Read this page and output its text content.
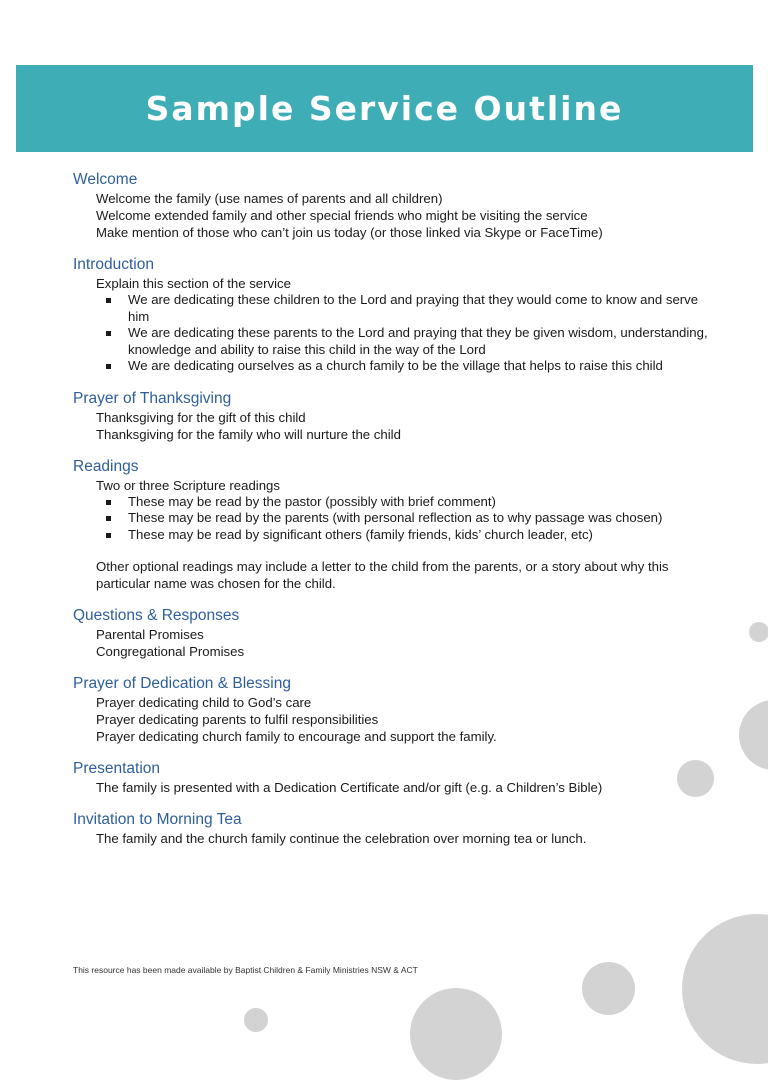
Sample Service Outline
Welcome
Welcome the family (use names of parents and all children)
Welcome extended family and other special friends who might be visiting the service
Make mention of those who can’t join us today (or those linked via Skype or FaceTime)
Introduction
Explain this section of the service
We are dedicating these children to the Lord and praying that they would come to know and serve him
We are dedicating these parents to the Lord and praying that they be given wisdom, understanding, knowledge and ability to raise this child in the way of the Lord
We are dedicating ourselves as a church family to be the village that helps to raise this child
Prayer of Thanksgiving
Thanksgiving for the gift of this child
Thanksgiving for the family who will nurture the child
Readings
Two or three Scripture readings
These may be read by the pastor (possibly with brief comment)
These may be read by the parents (with personal reflection as to why passage was chosen)
These may be read by significant others (family friends, kids’ church leader, etc)
Other optional readings may include a letter to the child from the parents, or a story about why this particular name was chosen for the child.
Questions & Responses
Parental Promises
Congregational Promises
Prayer of Dedication & Blessing
Prayer dedicating child to God’s care
Prayer dedicating parents to fulfil responsibilities
Prayer dedicating church family to encourage and support the family.
Presentation
The family is presented with a Dedication Certificate and/or gift (e.g. a Children’s Bible)
Invitation to Morning Tea
The family and the church family continue the celebration over morning tea or lunch.
This resource has been made available by Baptist Children & Family Ministries NSW & ACT
